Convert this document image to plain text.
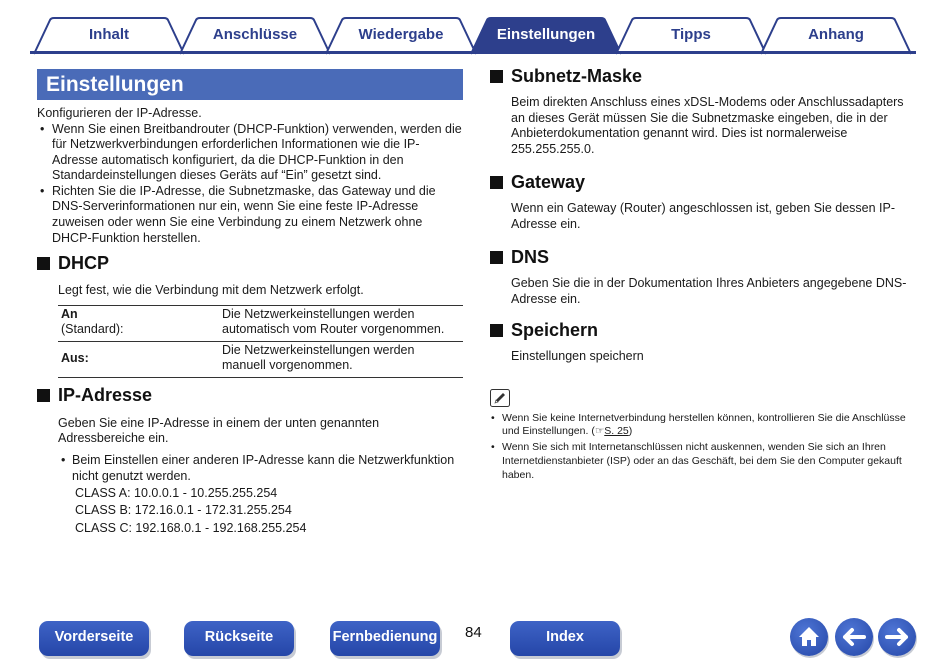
Inhalt	Anschlüsse	Wiedergabe	Einstellungen	Tipps	Anhang
Einstellungen

Konfigurieren der IP-Adresse.

• Wenn Sie einen Breitbandrouter (DHCP-Funktion) verwenden, werden die für Netzwerkverbindungen erforderlichen Informationen wie die IP-Adresse automatisch konfiguriert, da die DHCP-Funktion in den Standardeinstellungen dieses Geräts auf “Ein” gesetzt sind.
• Richten Sie die IP-Adresse, die Subnetzmaske, das Gateway und die DNS-Serverinformationen nur ein, wenn Sie eine feste IP-Adresse zuweisen oder wenn Sie eine Verbindung zu einem Netzwerk ohne DHCP-Funktion herstellen.
DHCP

Legt fest, wie die Verbindung mit dem Netzwerk erfolgt.

An
(Standard):	Die Netzwerkeinstellungen werden automatisch vom Router vorgenommen.

Aus:	Die Netzwerkeinstellungen werden manuell vorgenommen.
IP-Adresse

Geben Sie eine IP-Adresse in einem der unten genannten Adressbereiche ein.

• Beim Einstellen einer anderen IP-Adresse kann die Netzwerkfunktion nicht genutzt werden.
CLASS A: 10.0.0.1 - 10.255.255.254
CLASS B: 172.16.0.1 - 172.31.255.254
CLASS C: 192.168.0.1 - 192.168.255.254
Subnetz-Maske

Beim direkten Anschluss eines xDSL-Modems oder Anschlussadapters an dieses Gerät müssen Sie die Subnetzmaske eingeben, die in der Anbieterdokumentation genannt wird. Dies ist normalerweise 255.255.255.0.

Gateway

Wenn ein Gateway (Router) angeschlossen ist, geben Sie dessen IP-Adresse ein.

DNS

Geben Sie die in der Dokumentation Ihres Anbieters angegebene DNS-Adresse ein.

Speichern

Einstellungen speichern

• Wenn Sie keine Internetverbindung herstellen können, kontrollieren Sie die Anschlüsse und Einstellungen. (☞S. 25)
• Wenn Sie sich mit Internetanschlüssen nicht auskennen, wenden Sie sich an Ihren Internetdienstanbieter (ISP) oder an das Geschäft, bei dem Sie den Computer gekauft haben.
Vorderseite	Rückseite	Fernbedienung 84	Index
